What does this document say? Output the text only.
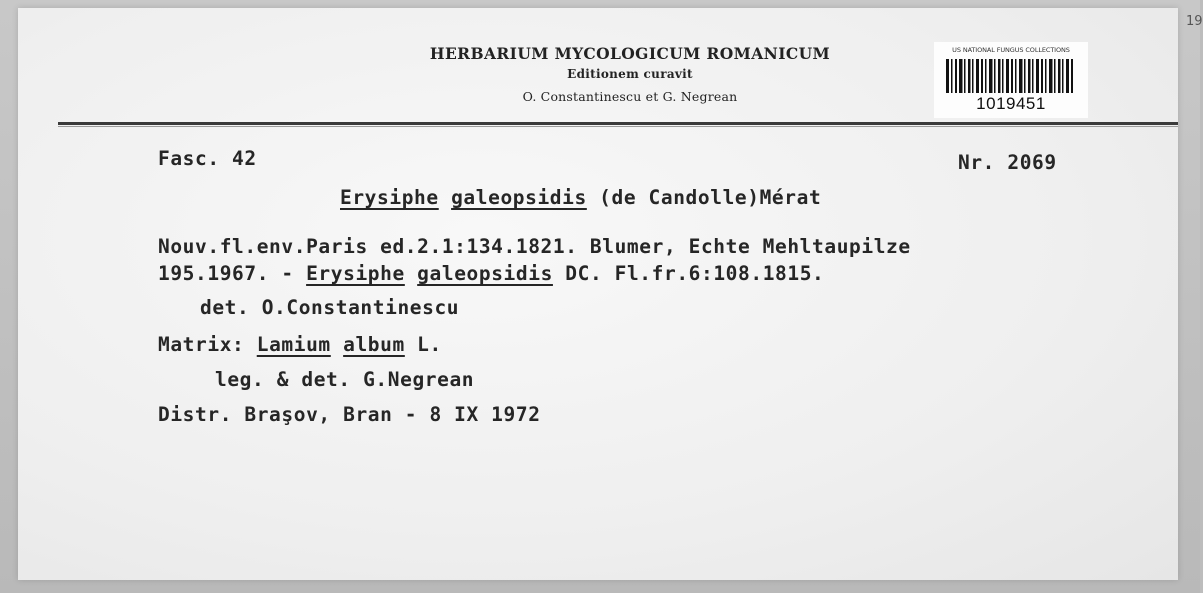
HERBARIUM MYCOLOGICUM ROMANICUM
Editionem curavit
O. Constantinescu et G. Negrean
US NATIONAL FUNGUS COLLECTIONS
1019451
Fasc. 42	Nr. 2069
Erysiphe galeopsidis (de Candolle)Mérat
Nouv.fl.env.Paris ed.2.1:134.1821. Blumer, Echte Mehltaupilze
195.1967. - Erysiphe galeopsidis DC. Fl.fr.6:108.1815.
det. O.Constantinescu
Matrix: Lamium album L.
leg. & det. G.Negrean
Distr. Braşov, Bran - 8 IX 1972
19
